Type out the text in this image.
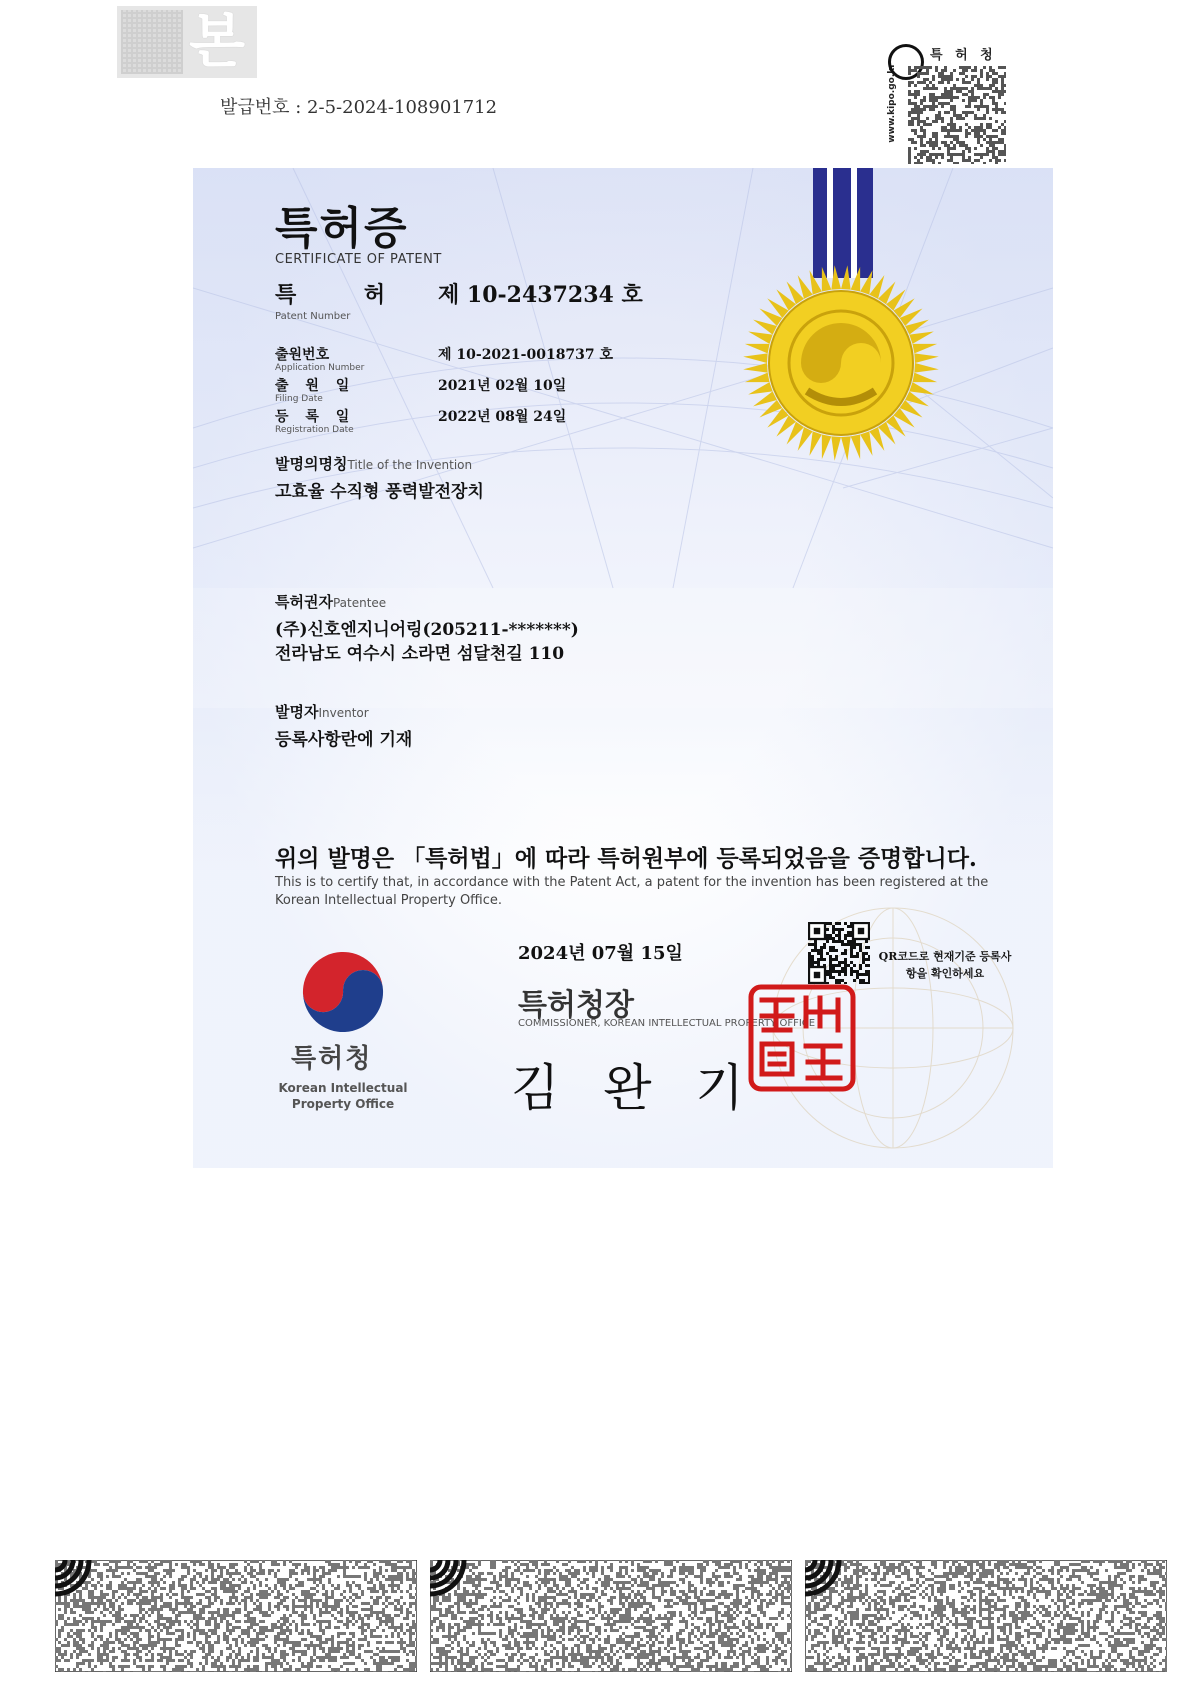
본
발급번호 : 2-5-2024-108901712	www.kipo.go.kr
특 허 청
특허증
CERTIFICATE OF PATENT
특 허
Patent Number
제 10-2437234 호
출원번호
Application Number
제 10-2021-0018737 호
출 원 일
Filing Date
2021년 02월 10일
등 록 일
Registration Date
2022년 08월 24일
발명의명칭Title of the Invention
고효율 수직형 풍력발전장치
특허권자Patentee
(주)신호엔지니어링(205211-*******)
전라남도 여수시 소라면 섬달천길 110
발명자Inventor
등록사항란에 기재
위의 발명은 「특허법」에 따라 특허원부에 등록되었음을 증명합니다.
This is to certify that, in accordance with the Patent Act, a patent for the invention has been registered at the Korean Intellectual Property Office.
특허청
Korean Intellectual Property Office
2024년 07월 15일	QR코드로 현재기준 등록사항을 확인하세요
특허청장
COMMISSIONER, KOREAN INTELLECTUAL PROPERTY OFFICE
김 완 기
